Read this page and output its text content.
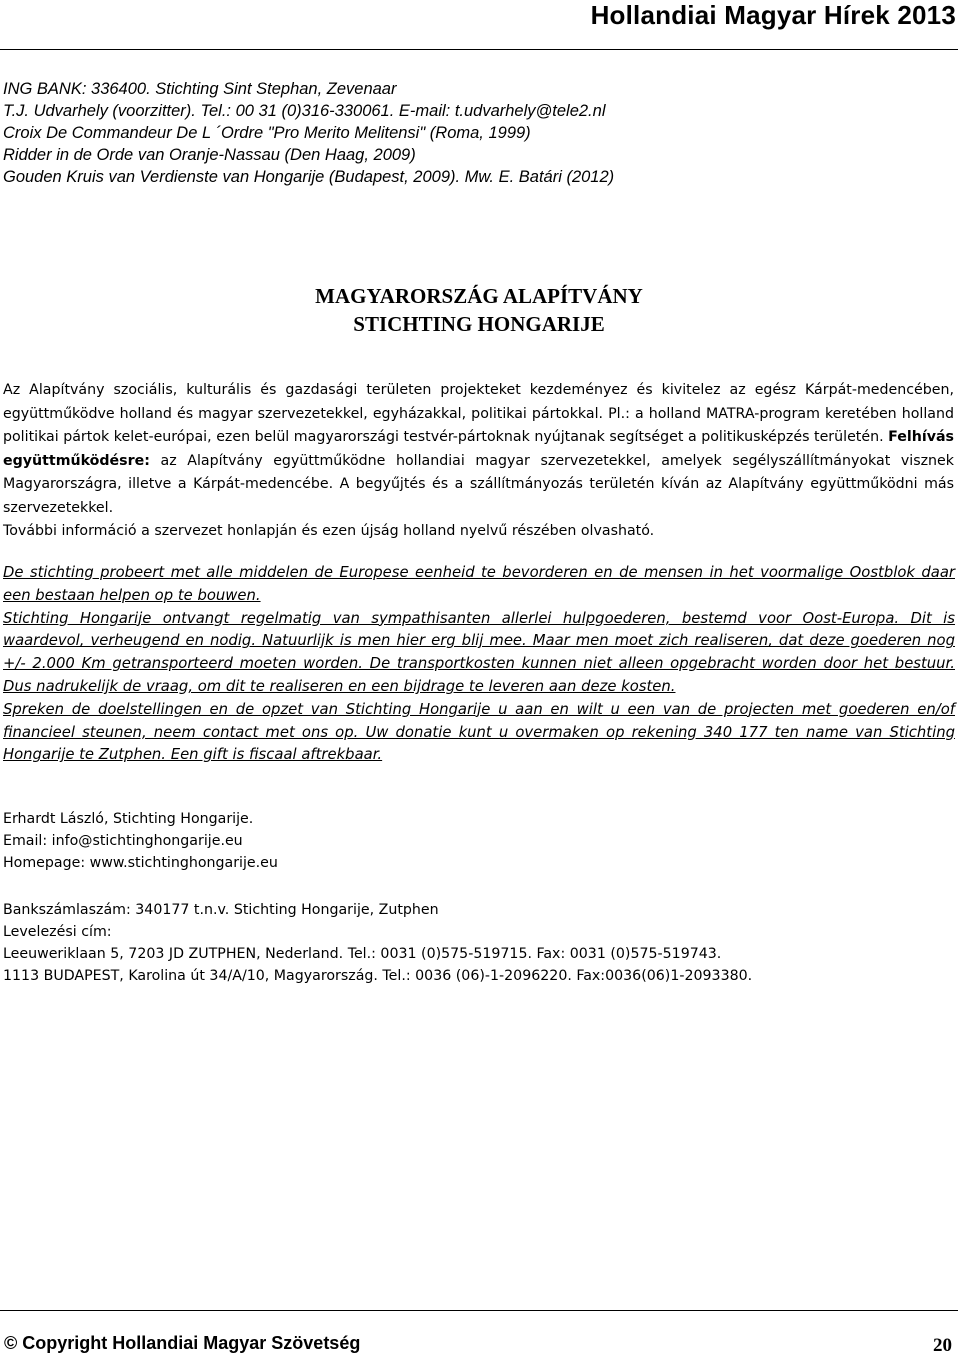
Hollandiai Magyar Hírek 2013
ING BANK: 336400. Stichting Sint Stephan, Zevenaar
T.J. Udvarhely (voorzitter). Tel.: 00 31 (0)316-330061. E-mail: t.udvarhely@tele2.nl
Croix De Commandeur De L ´Ordre "Pro Merito Melitensi" (Roma, 1999)
Ridder in de Orde van Oranje-Nassau (Den Haag, 2009)
Gouden Kruis van Verdienste van Hongarije (Budapest, 2009). Mw. E. Batári (2012)
MAGYARORSZÁG ALAPÍTVÁNY
STICHTING HONGARIJE
Az Alapítvány szociális, kulturális és gazdasági területen projekteket kezdeményez és kivitelez az egész Kárpát-medencében, együttműködve holland és magyar szervezetekkel, egyházakkal, politikai pártokkal. Pl.: a holland MATRA-program keretében holland politikai pártok kelet-európai, ezen belül magyarországi testvér-pártoknak nyújtanak segítséget a politikusképzés területén. Felhívás együttműködésre: az Alapítvány együttműködne hollandiai magyar szervezetekkel, amelyek segélyszállítmányokat visznek Magyarországra, illetve a Kárpát-medencébe. A begyűjtés és a szállítmányozás területén kíván az Alapítvány együttműködni más szervezetekkel.
További információ a szervezet honlapján és ezen újság holland nyelvű részében olvasható.

De stichting probeert met alle middelen de Europese eenheid te bevorderen en de mensen in het voormalige Oostblok daar een bestaan helpen op te bouwen.

Stichting Hongarije ontvangt regelmatig van sympathisanten allerlei hulpgoederen, bestemd voor Oost-Europa. Dit is waardevol, verheugend en nodig. Natuurlijk is men hier erg blij mee. Maar men moet zich realiseren, dat deze goederen nog +/- 2.000 Km getransporteerd moeten worden. De transportkosten kunnen niet alleen opgebracht worden door het bestuur. Dus nadrukelijk de vraag, om dit te realiseren en een bijdrage te leveren aan deze kosten.

Spreken de doelstellingen en de opzet van Stichting Hongarije u aan en wilt u een van de projecten met goederen en/of financieel steunen, neem contact met ons op. Uw donatie kunt u overmaken op rekening 340 177 ten name van Stichting Hongarije te Zutphen. Een gift is fiscaal aftrekbaar.

Erhardt László, Stichting Hongarije.
Email: info@stichtinghongarije.eu
Homepage: www.stichtinghongarije.eu
Bankszámlaszám: 340177 t.n.v. Stichting Hongarije, Zutphen
Levelezési cím:
Leeuweriklaan 5, 7203 JD ZUTPHEN, Nederland. Tel.: 0031 (0)575-519715. Fax: 0031 (0)575-519743.
1113 BUDAPEST, Karolina út 34/A/10, Magyarország. Tel.: 0036 (06)-1-2096220. Fax:0036(06)1-2093380.
© Copyright Hollandiai Magyar Szövetség	20
